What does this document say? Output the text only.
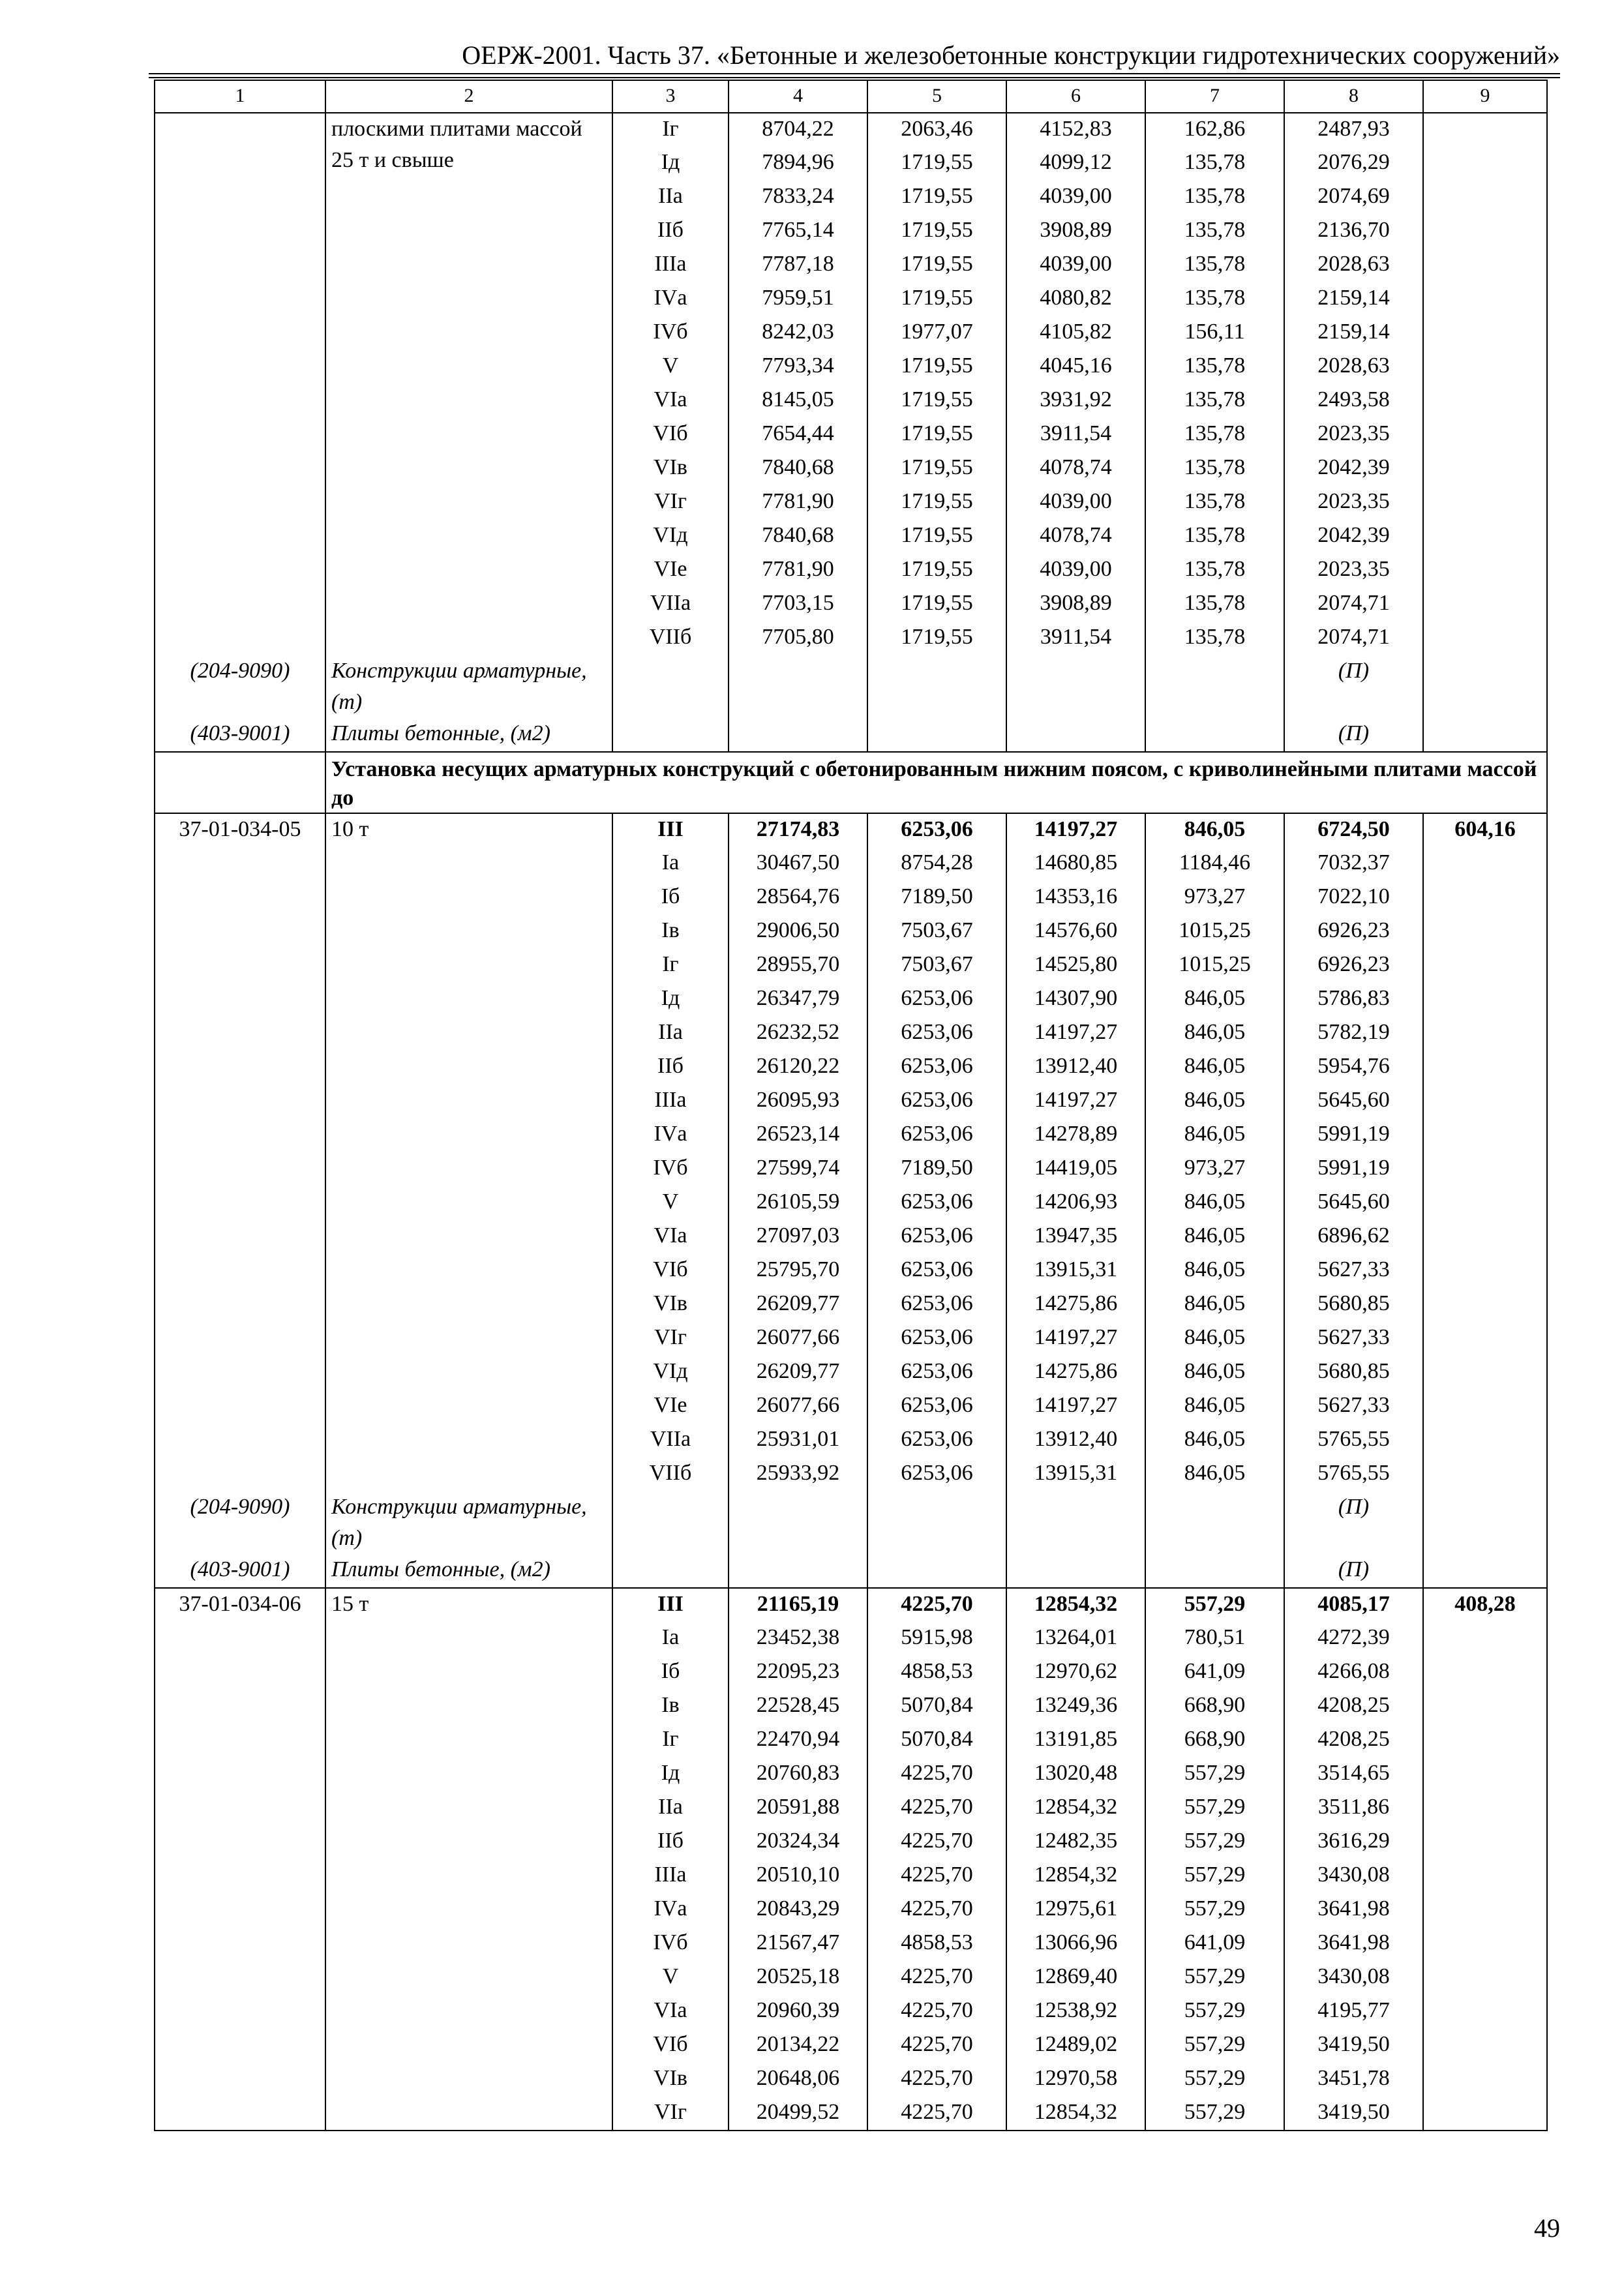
ОЕРЖ-2001. Часть 37. «Бетонные и железобетонные конструкции гидротехнических сооружений»
1	2	3	4	5	6	7	8	9
	плоскими плитами массой 25 т и свыше	Iг	8704,22	2063,46	4152,83	162,86	2487,93	
		Iд	7894,96	1719,55	4099,12	135,78	2076,29	
		IIа	7833,24	1719,55	4039,00	135,78	2074,69	
		IIб	7765,14	1719,55	3908,89	135,78	2136,70	
		IIIа	7787,18	1719,55	4039,00	135,78	2028,63	
		IVа	7959,51	1719,55	4080,82	135,78	2159,14	
		IVб	8242,03	1977,07	4105,82	156,11	2159,14	
		V	7793,34	1719,55	4045,16	135,78	2028,63	
		VIа	8145,05	1719,55	3931,92	135,78	2493,58	
		VIб	7654,44	1719,55	3911,54	135,78	2023,35	
		VIв	7840,68	1719,55	4078,74	135,78	2042,39	
		VIг	7781,90	1719,55	4039,00	135,78	2023,35	
		VIд	7840,68	1719,55	4078,74	135,78	2042,39	
		VIе	7781,90	1719,55	4039,00	135,78	2023,35	
		VIIа	7703,15	1719,55	3908,89	135,78	2074,71	
		VIIб	7705,80	1719,55	3911,54	135,78	2074,71	
(204-9090)	Конструкции арматурные, (т)						(П)	
(403-9001)	Плиты бетонные, (м2)						(П)	
	Установка несущих арматурных конструкций с обетонированным нижним поясом, с криволинейными плитами массой до							
37-01-034-05	10 т	III	27174,83	6253,06	14197,27	846,05	6724,50	604,16
		Iа	30467,50	8754,28	14680,85	1184,46	7032,37	
		Iб	28564,76	7189,50	14353,16	973,27	7022,10	
		Iв	29006,50	7503,67	14576,60	1015,25	6926,23	
		Iг	28955,70	7503,67	14525,80	1015,25	6926,23	
		Iд	26347,79	6253,06	14307,90	846,05	5786,83	
		IIа	26232,52	6253,06	14197,27	846,05	5782,19	
		IIб	26120,22	6253,06	13912,40	846,05	5954,76	
		IIIа	26095,93	6253,06	14197,27	846,05	5645,60	
		IVа	26523,14	6253,06	14278,89	846,05	5991,19	
		IVб	27599,74	7189,50	14419,05	973,27	5991,19	
		V	26105,59	6253,06	14206,93	846,05	5645,60	
		VIа	27097,03	6253,06	13947,35	846,05	6896,62	
		VIб	25795,70	6253,06	13915,31	846,05	5627,33	
		VIв	26209,77	6253,06	14275,86	846,05	5680,85	
		VIг	26077,66	6253,06	14197,27	846,05	5627,33	
		VIд	26209,77	6253,06	14275,86	846,05	5680,85	
		VIе	26077,66	6253,06	14197,27	846,05	5627,33	
		VIIа	25931,01	6253,06	13912,40	846,05	5765,55	
		VIIб	25933,92	6253,06	13915,31	846,05	5765,55	
(204-9090)	Конструкции арматурные, (т)						(П)	
(403-9001)	Плиты бетонные, (м2)						(П)	
37-01-034-06	15 т	III	21165,19	4225,70	12854,32	557,29	4085,17	408,28
		Iа	23452,38	5915,98	13264,01	780,51	4272,39	
		Iб	22095,23	4858,53	12970,62	641,09	4266,08	
		Iв	22528,45	5070,84	13249,36	668,90	4208,25	
		Iг	22470,94	5070,84	13191,85	668,90	4208,25	
		Iд	20760,83	4225,70	13020,48	557,29	3514,65	
		IIа	20591,88	4225,70	12854,32	557,29	3511,86	
		IIб	20324,34	4225,70	12482,35	557,29	3616,29	
		IIIа	20510,10	4225,70	12854,32	557,29	3430,08	
		IVа	20843,29	4225,70	12975,61	557,29	3641,98	
		IVб	21567,47	4858,53	13066,96	641,09	3641,98	
		V	20525,18	4225,70	12869,40	557,29	3430,08	
		VIа	20960,39	4225,70	12538,92	557,29	4195,77	
		VIб	20134,22	4225,70	12489,02	557,29	3419,50	
		VIв	20648,06	4225,70	12970,58	557,29	3451,78	
		VIг	20499,52	4225,70	12854,32	557,29	3419,50	
49
